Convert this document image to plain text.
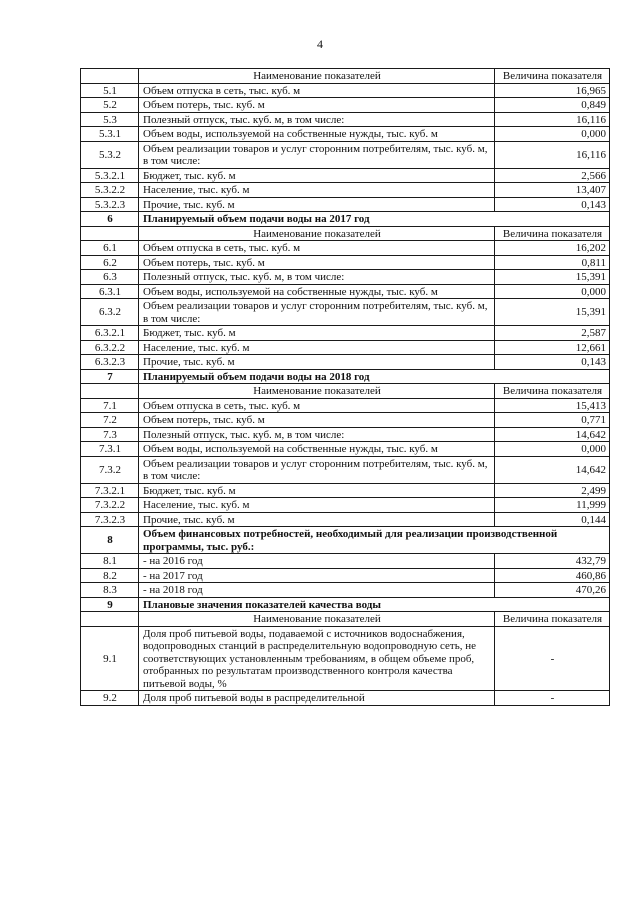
4
	Наименование показателей	Величина показателя
5.1	Объем отпуска в сеть, тыс. куб. м	16,965
5.2	Объем потерь, тыс. куб. м	0,849
5.3	Полезный отпуск, тыс. куб. м, в том числе:	16,116
5.3.1	Объем воды, используемой на собственные нужды, тыс. куб. м	0,000
5.3.2	Объем реализации товаров и услуг сторонним потребителям, тыс. куб. м, в том числе:	16,116
5.3.2.1	Бюджет, тыс. куб. м	2,566
5.3.2.2	Население, тыс. куб. м	13,407
5.3.2.3	Прочие, тыс. куб. м	0,143
6	Планируемый объем подачи воды на 2017 год	
	Наименование показателей	Величина показателя
6.1	Объем отпуска в сеть, тыс. куб. м	16,202
6.2	Объем потерь, тыс. куб. м	0,811
6.3	Полезный отпуск, тыс. куб. м, в том числе:	15,391
6.3.1	Объем воды, используемой на собственные нужды, тыс. куб. м	0,000
6.3.2	Объем реализации товаров и услуг сторонним потребителям, тыс. куб. м, в том числе:	15,391
6.3.2.1	Бюджет, тыс. куб. м	2,587
6.3.2.2	Население, тыс. куб. м	12,661
6.3.2.3	Прочие, тыс. куб. м	0,143
7	Планируемый объем подачи воды на 2018 год	
	Наименование показателей	Величина показателя
7.1	Объем отпуска в сеть, тыс. куб. м	15,413
7.2	Объем потерь, тыс. куб. м	0,771
7.3	Полезный отпуск, тыс. куб. м, в том числе:	14,642
7.3.1	Объем воды, используемой на собственные нужды, тыс. куб. м	0,000
7.3.2	Объем реализации товаров и услуг сторонним потребителям, тыс. куб. м, в том числе:	14,642
7.3.2.1	Бюджет, тыс. куб. м	2,499
7.3.2.2	Население, тыс. куб. м	11,999
7.3.2.3	Прочие, тыс. куб. м	0,144
8	Объем финансовых потребностей, необходимый для реализации производственной программы, тыс. руб.:	
8.1	- на 2016 год	432,79
8.2	- на 2017 год	460,86
8.3	- на 2018 год	470,26
9	Плановые значения показателей качества воды	
	Наименование показателей	Величина показателя
9.1	Доля проб питьевой воды, подаваемой с источников водоснабжения, водопроводных станций в распределительную водопроводную сеть, не соответствующих установленным требованиям, в общем объеме проб, отобранных по результатам производственного контроля качества питьевой воды, %	-
9.2	Доля проб питьевой воды в распределительной	-
